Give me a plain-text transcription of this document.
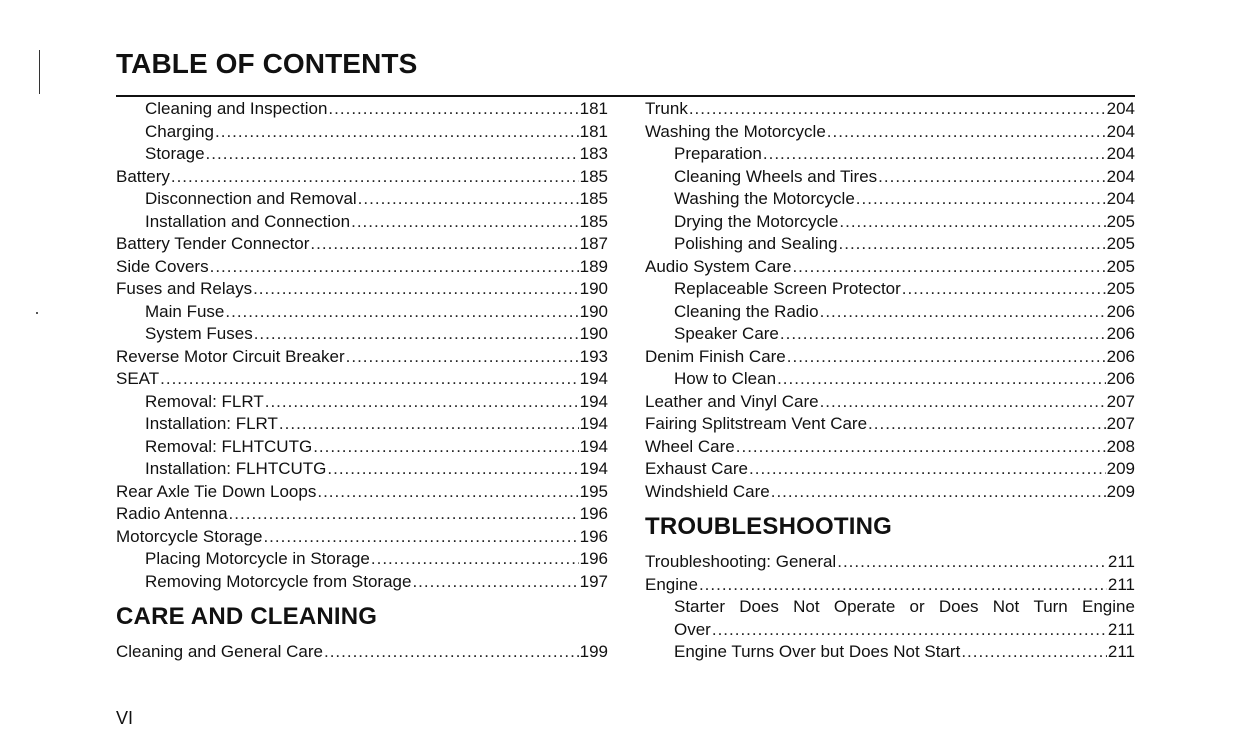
TABLE OF CONTENTS
Cleaning and Inspection .....	181
Charging .....	181
Storage .....	183
Battery .....	185
Disconnection and Removal .....	185
Installation and Connection .....	185
Battery Tender Connector .....	187
Side Covers .....	189
Fuses and Relays .....	190
Main Fuse .....	190
System Fuses .....	190
Reverse Motor Circuit Breaker .....	193
SEAT .....	194
Removal: FLRT .....	194
Installation: FLRT .....	194
Removal: FLHTCUTG .....	194
Installation: FLHTCUTG .....	194
Rear Axle Tie Down Loops .....	195
Radio Antenna .....	196
Motorcycle Storage .....	196
Placing Motorcycle in Storage .....	196
Removing Motorcycle from Storage .....	197
CARE AND CLEANING
Cleaning and General Care .....	199
Trunk .....	204
Washing the Motorcycle .....	204
Preparation .....	204
Cleaning Wheels and Tires .....	204
Washing the Motorcycle .....	204
Drying the Motorcycle .....	205
Polishing and Sealing .....	205
Audio System Care .....	205
Replaceable Screen Protector .....	205
Cleaning the Radio .....	206
Speaker Care .....	206
Denim Finish Care .....	206
How to Clean .....	206
Leather and Vinyl Care .....	207
Fairing Splitstream Vent Care .....	207
Wheel Care .....	208
Exhaust Care .....	209
Windshield Care .....	209
TROUBLESHOOTING
Troubleshooting: General .....	211
Engine .....	211
Starter Does Not Operate or Does Not Turn Engine
Over .....	211
Engine Turns Over but Does Not Start .....	211
VI
